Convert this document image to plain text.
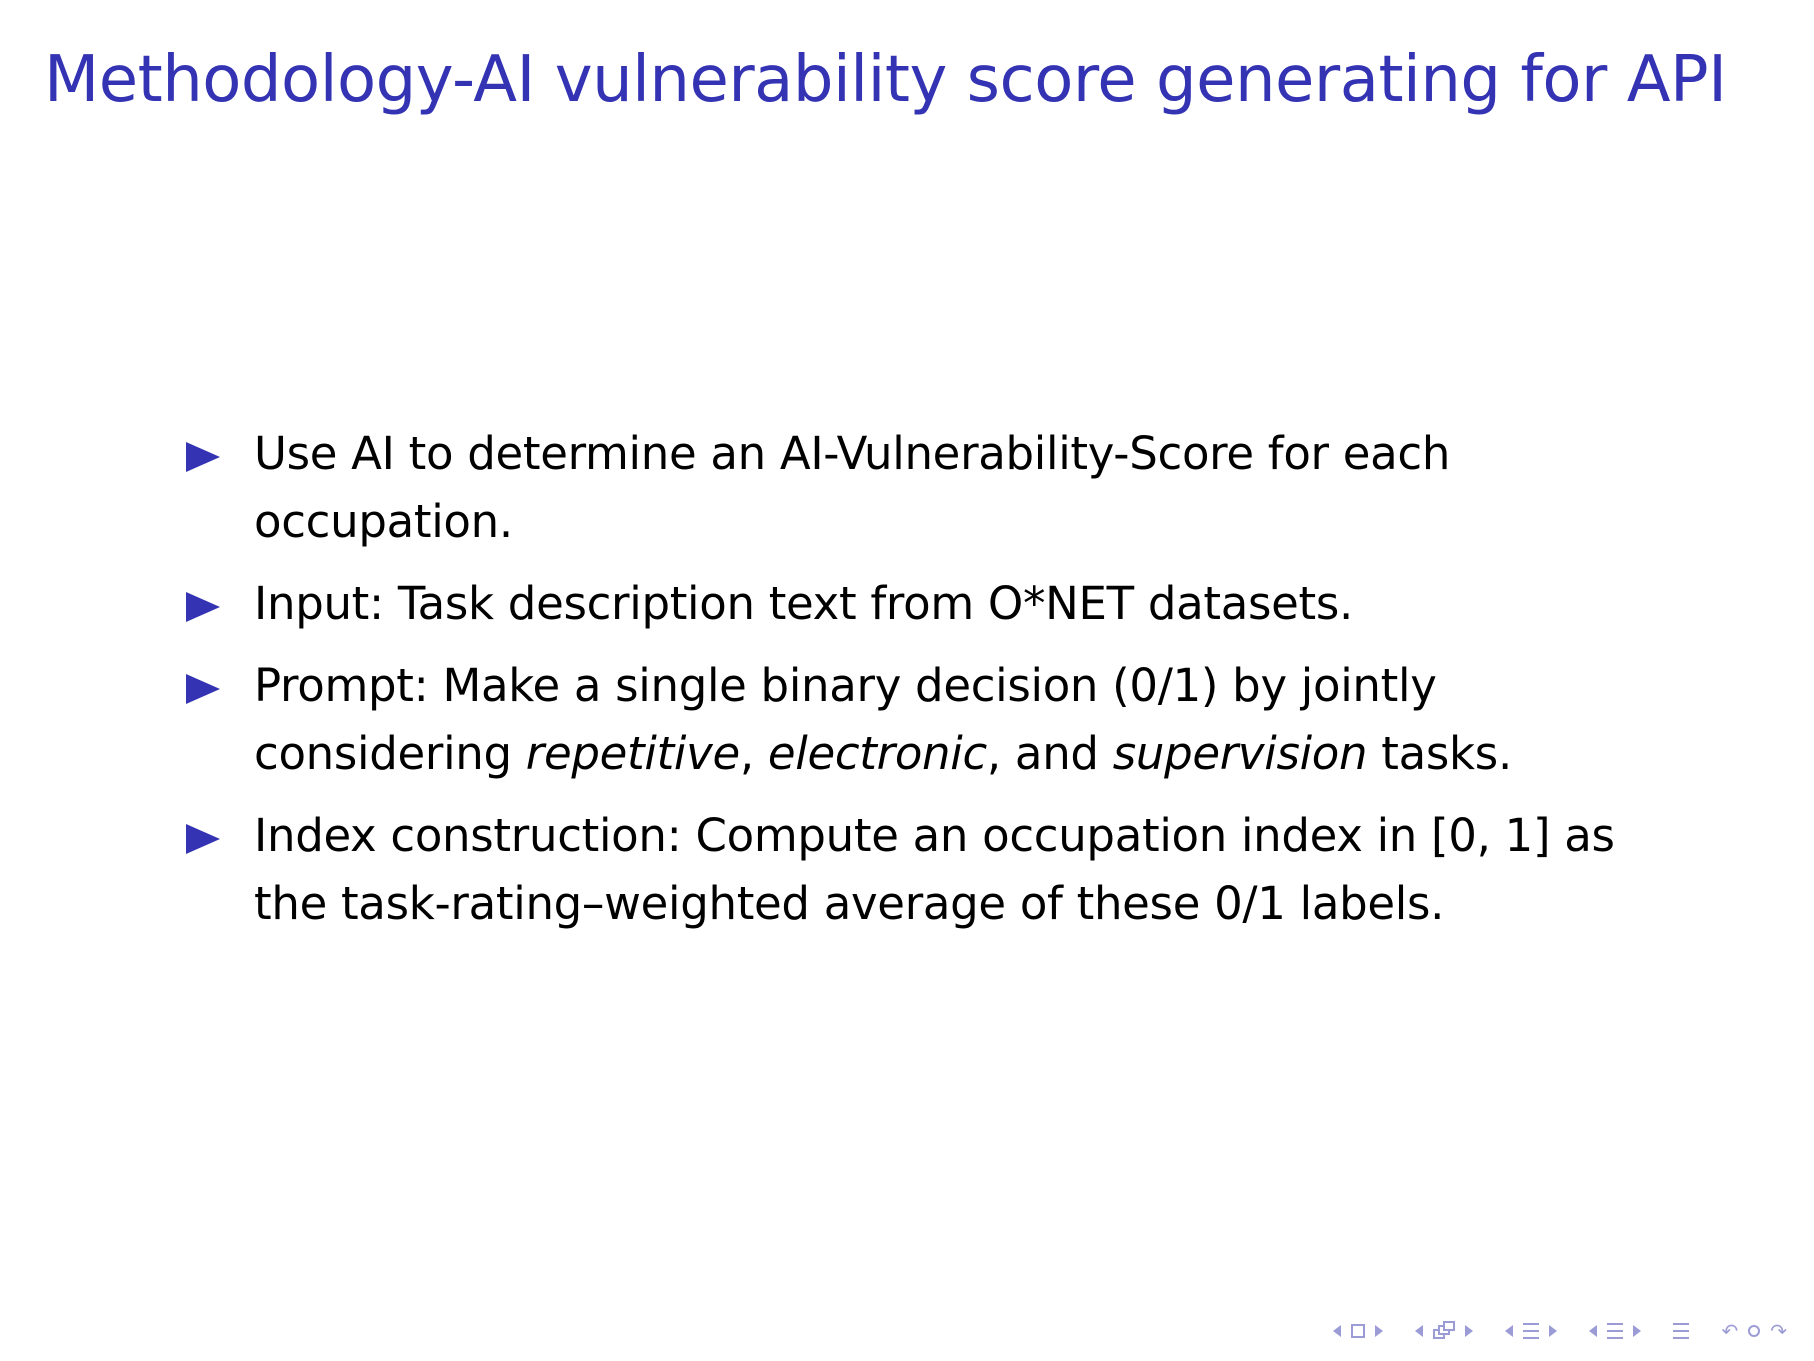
Methodology-AI vulnerability score generating for API
Use AI to determine an AI-Vulnerability-Score for each occupation.
Input: Task description text from O*NET datasets.
Prompt: Make a single binary decision (0/1) by jointly considering repetitive, electronic, and supervision tasks.
Index construction: Compute an occupation index in [0, 1] as the task-rating–weighted average of these 0/1 labels.
↶ ↷
